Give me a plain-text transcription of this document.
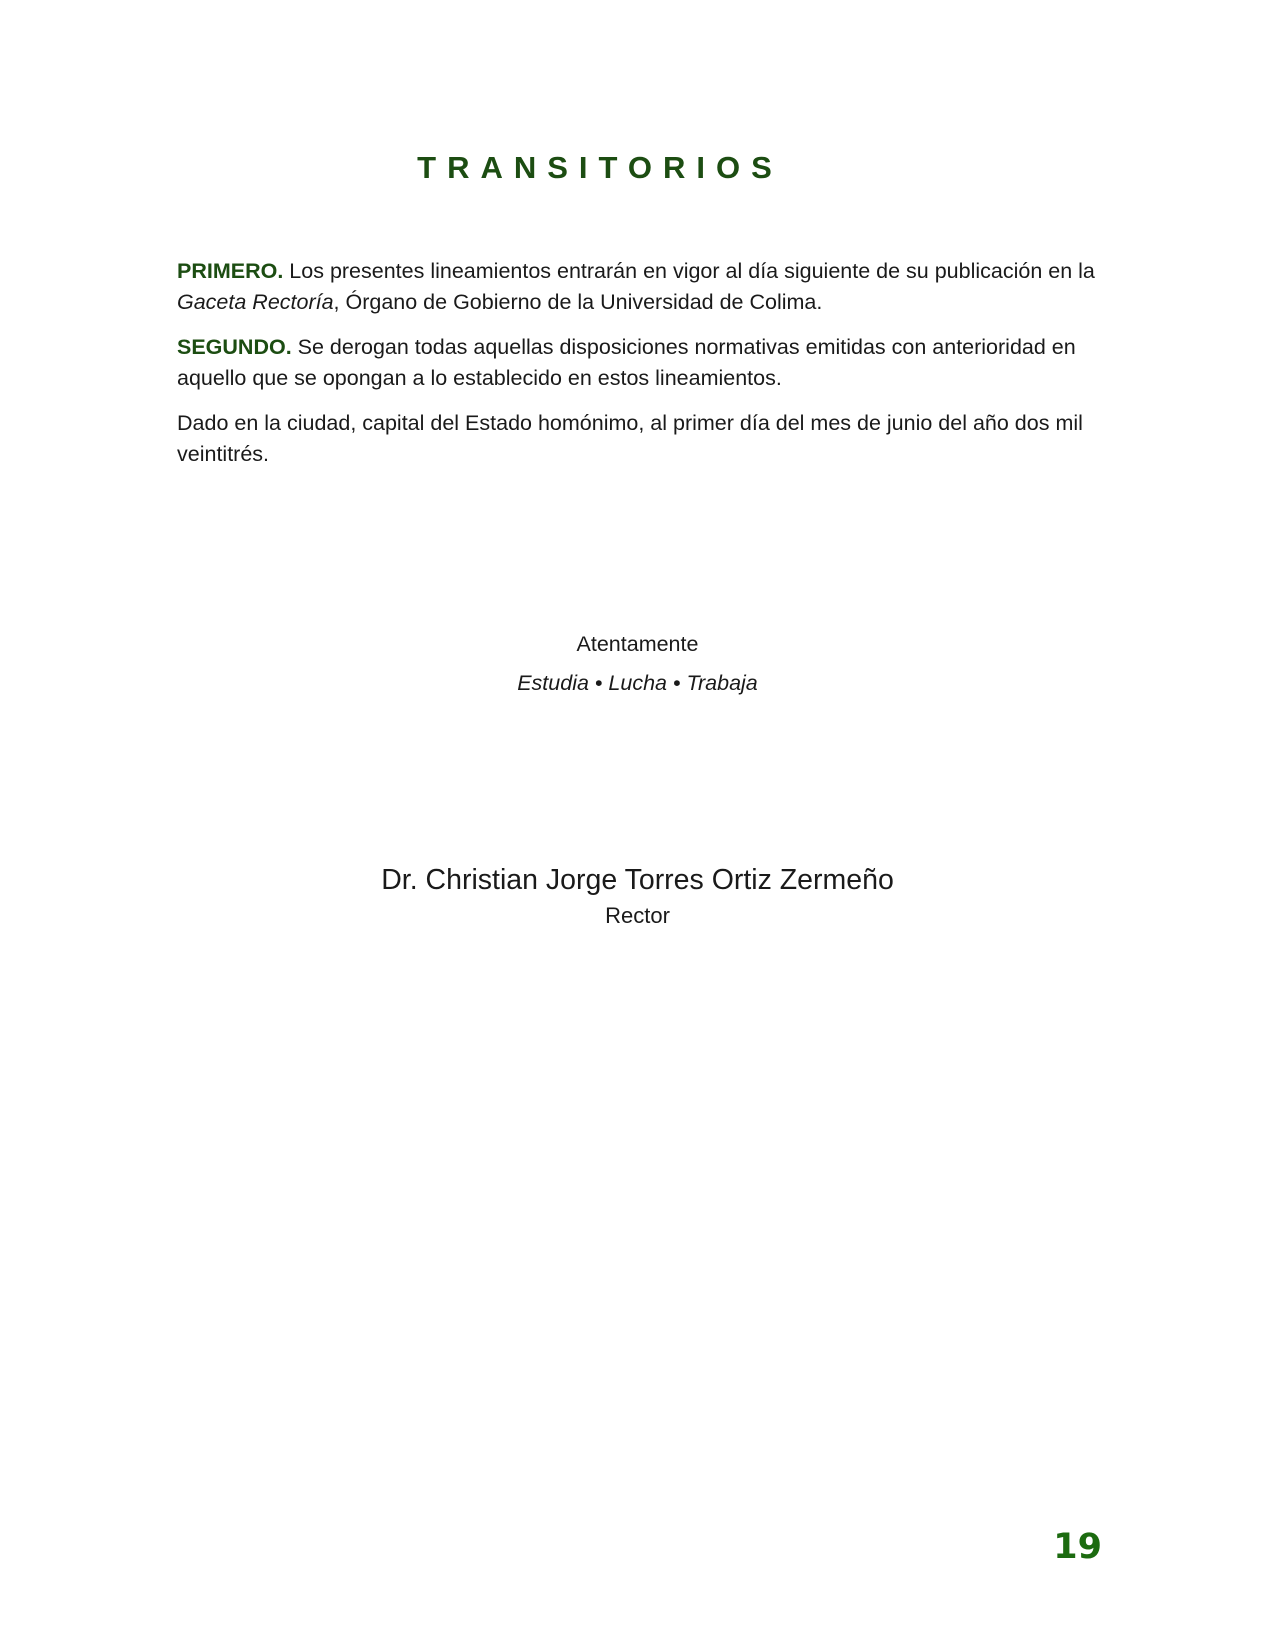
TRANSITORIOS

PRIMERO. Los presentes lineamientos entrarán en vigor al día siguiente de su publicación en la Gaceta Rectoría, Órgano de Gobierno de la Universidad de Colima.

SEGUNDO. Se derogan todas aquellas disposiciones normativas emitidas con anterioridad en aquello que se opongan a lo establecido en estos lineamientos.

Dado en la ciudad, capital del Estado homónimo, al primer día del mes de junio del año dos mil veintitrés.

Atentamente
Estudia • Lucha • Trabaja
Dr. Christian Jorge Torres Ortiz Zermeño
Rector
19
